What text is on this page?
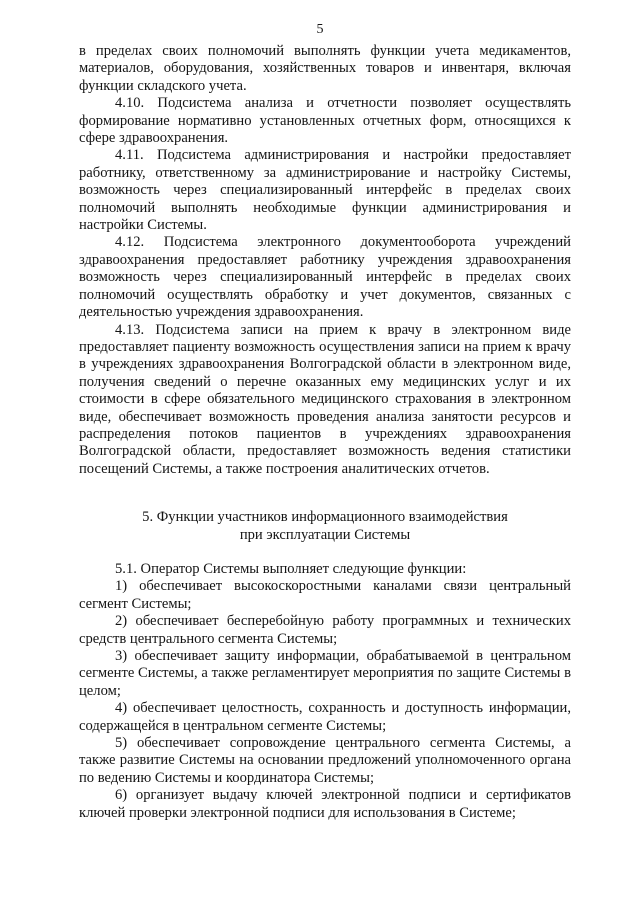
5

в пределах своих полномочий выполнять функции учета медикаментов, материалов, оборудования, хозяйственных товаров и инвентаря, включая функции складского учета.

4.10. Подсистема анализа и отчетности позволяет осуществлять формирование нормативно установленных отчетных форм, относящихся к сфере здравоохранения.

4.11. Подсистема администрирования и настройки предоставляет работнику, ответственному за администрирование и настройку Системы, возможность через специализированный интерфейс в пределах своих полномочий выполнять необходимые функции администрирования и настройки Системы.

4.12. Подсистема электронного документооборота учреждений здравоохранения предоставляет работнику учреждения здравоохранения возможность через специализированный интерфейс в пределах своих полномочий осуществлять обработку и учет документов, связанных с деятельностью учреждения здравоохранения.

4.13. Подсистема записи на прием к врачу в электронном виде предоставляет пациенту возможность осуществления записи на прием к врачу в учреждениях здравоохранения Волгоградской области в электронном виде, получения сведений о перечне оказанных ему медицинских услуг и их стоимости в сфере обязательного медицинского страхования в электронном виде, обеспечивает возможность проведения анализа занятости ресурсов и распределения потоков пациентов в учреждениях здравоохранения Волгоградской области, предоставляет возможность ведения статистики посещений Системы, а также построения аналитических отчетов.

5. Функции участников информационного взаимодействия
при эксплуатации Системы

5.1. Оператор Системы выполняет следующие функции:

1) обеспечивает высокоскоростными каналами связи центральный сегмент Системы;

2) обеспечивает бесперебойную работу программных и технических средств центрального сегмента Системы;

3) обеспечивает защиту информации, обрабатываемой в центральном сегменте Системы, а также регламентирует мероприятия по защите Системы в целом;

4) обеспечивает целостность, сохранность и доступность информации, содержащейся в центральном сегменте Системы;

5) обеспечивает сопровождение центрального сегмента Системы, а также развитие Системы на основании предложений уполномоченного органа по ведению Системы и координатора Системы;

6) организует выдачу ключей электронной подписи и сертификатов ключей проверки электронной подписи для использования в Системе;
